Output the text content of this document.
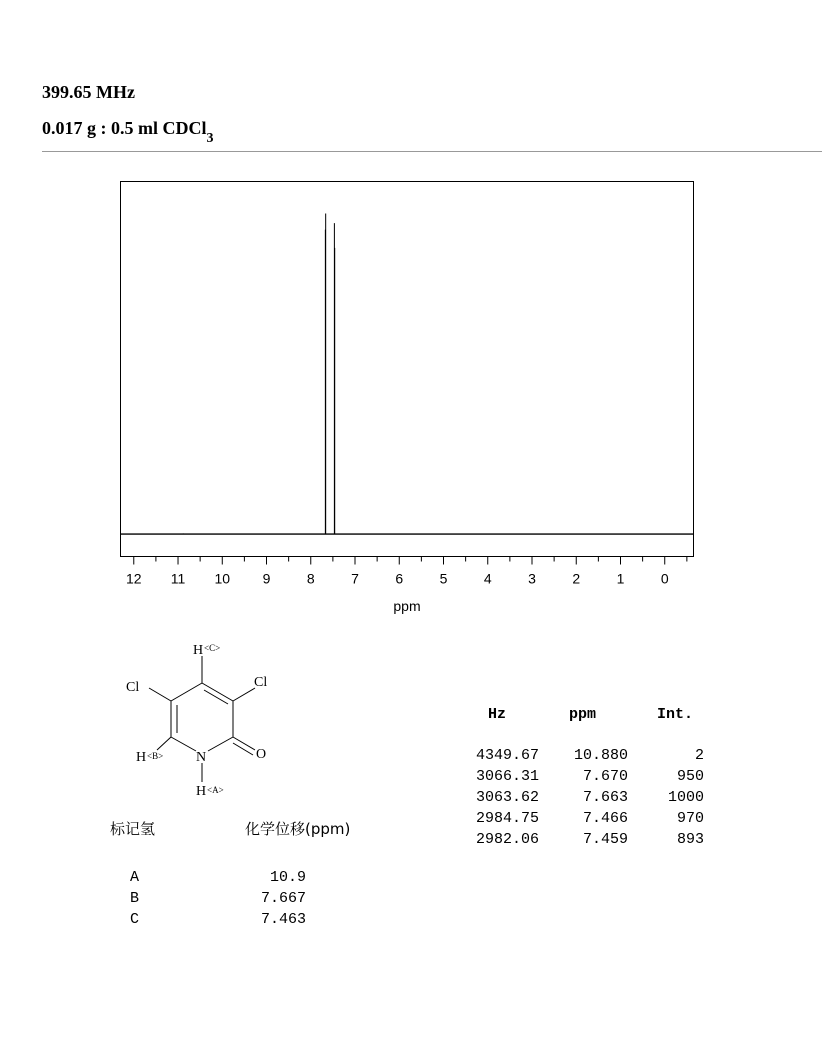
399.65 MHz
0.017 g : 0.5 ml CDCl$_3$
12 11 10 9	8	7	6	5	4	3	2	1	0
ppm
H <C>
Cl	Cl
H <B> N	O
H <A>
标记氢	化学位移(ppm)
A	10.9
B	7.667
C	7.463
Hz	ppm	Int.
4349.67 10.880	2
3066.31	7.670	950
3063.62	7.663	1000
2984.75	7.466	970
2982.06	7.459	893
